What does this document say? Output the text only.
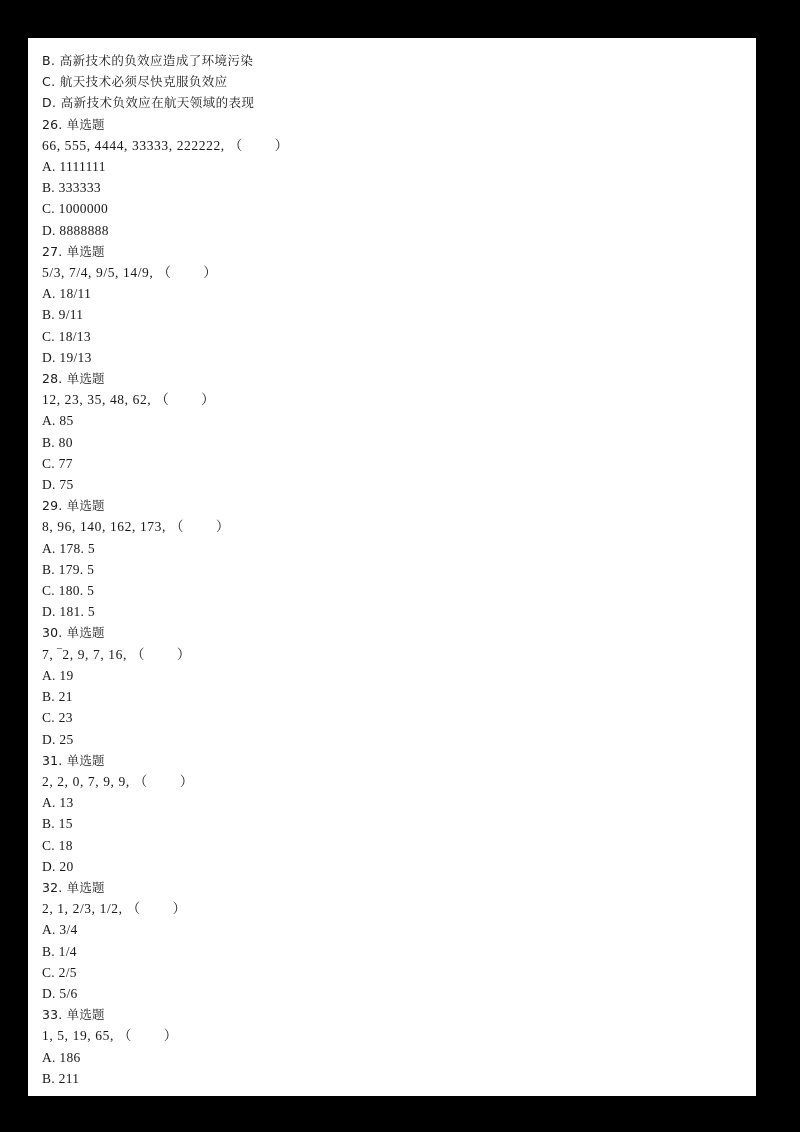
B. 高新技术的负效应造成了环境污染
C. 航天技术必须尽快克服负效应
D. 高新技术负效应在航天领域的表现
26. 单选题
66, 555, 4444, 33333, 222222, （        ）
A. 1111111
B. 333333
C. 1000000
D. 8888888
27. 单选题
5/3, 7/4, 9/5, 14/9, （        ）
A. 18/11
B. 9/11
C. 18/13
D. 19/13
28. 单选题
12, 23, 35, 48, 62, （        ）
A. 85
B. 80
C. 77
D. 75
29. 单选题
8, 96, 140, 162, 173, （        ）
A. 178. 5
B. 179. 5
C. 180. 5
D. 181. 5
30. 单选题
7, ‾2, 9, 7, 16, （        ）
A. 19
B. 21
C. 23
D. 25
31. 单选题
2, 2, 0, 7, 9, 9, （        ）
A. 13
B. 15
C. 18
D. 20
32. 单选题
2, 1, 2/3, 1/2, （        ）
A. 3/4
B. 1/4
C. 2/5
D. 5/6
33. 单选题
1, 5, 19, 65, （        ）
A. 186
B. 211
